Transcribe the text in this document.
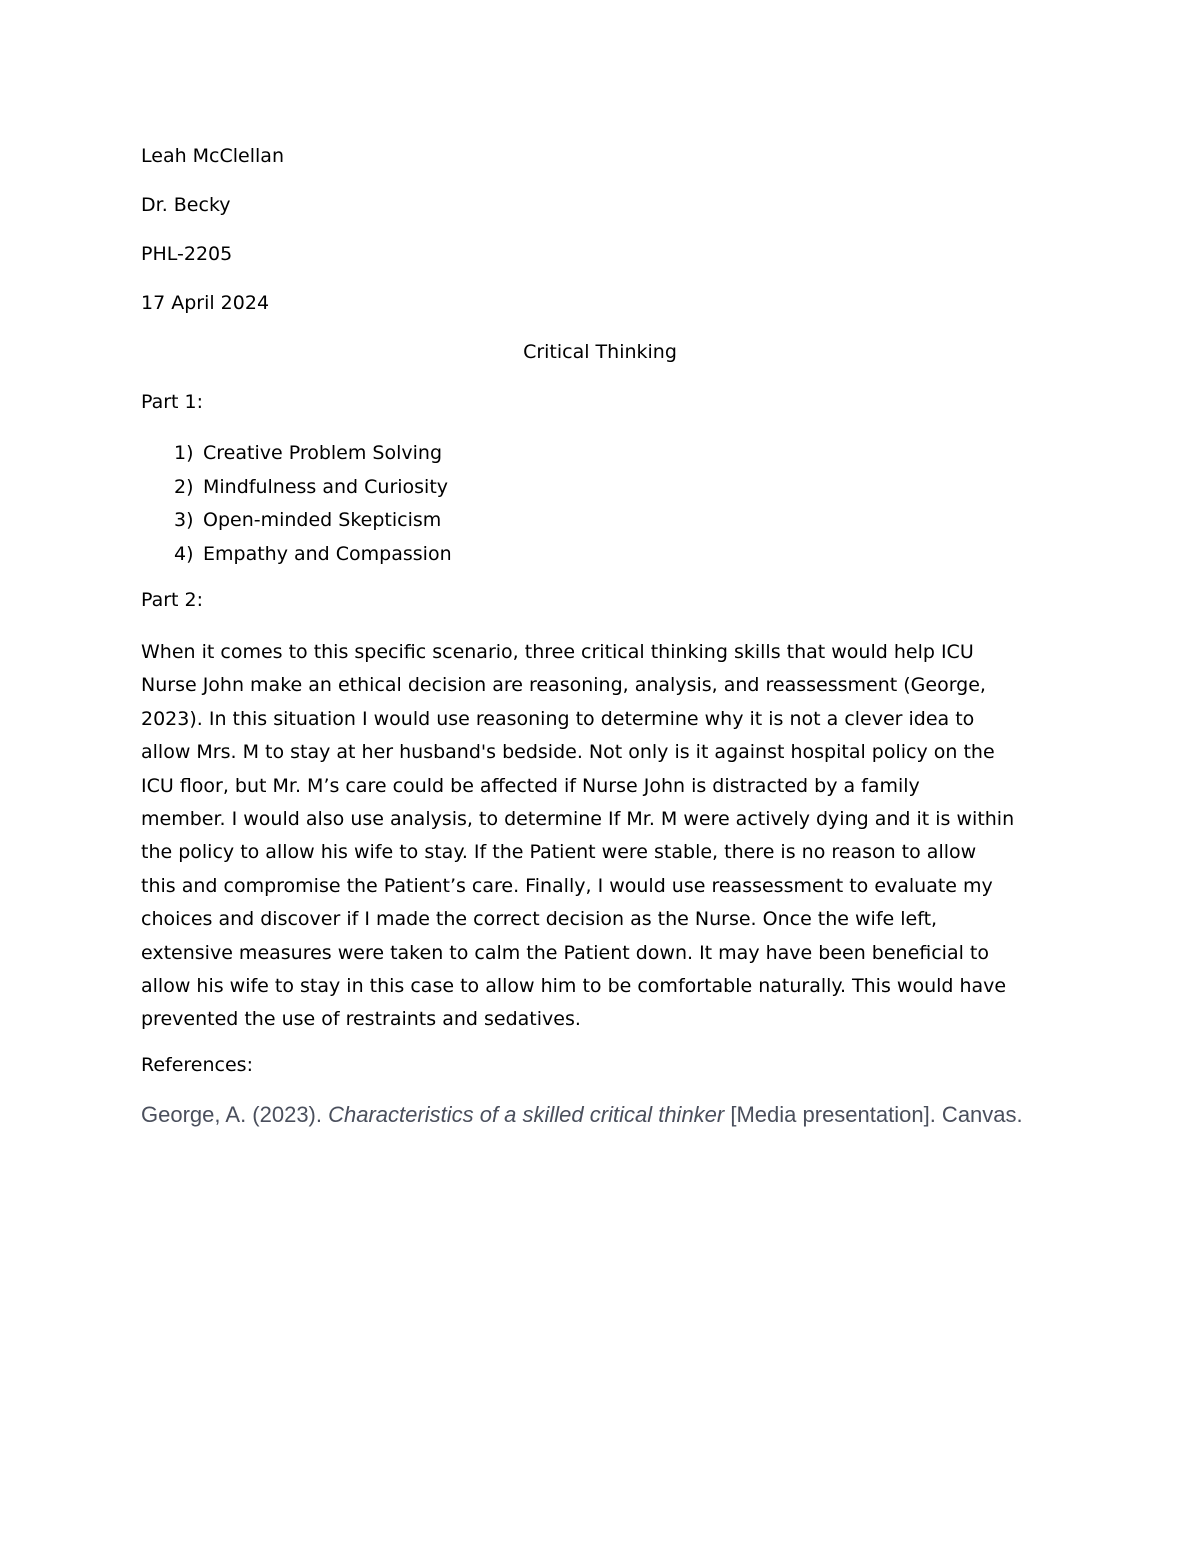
Leah McClellan

Dr. Becky

PHL-2205

17 April 2024

Critical Thinking

Part 1:

1) Creative Problem Solving
2) Mindfulness and Curiosity
3) Open-minded Skepticism
4) Empathy and Compassion

Part 2:

When it comes to this specific scenario, three critical thinking skills that would help ICU
Nurse John make an ethical decision are reasoning, analysis, and reassessment (George,
2023). In this situation I would use reasoning to determine why it is not a clever idea to
allow Mrs. M to stay at her husband's bedside. Not only is it against hospital policy on the
ICU floor, but Mr. M’s care could be affected if Nurse John is distracted by a family
member. I would also use analysis, to determine If Mr. M were actively dying and it is within
the policy to allow his wife to stay. If the Patient were stable, there is no reason to allow
this and compromise the Patient’s care. Finally, I would use reassessment to evaluate my
choices and discover if I made the correct decision as the Nurse. Once the wife left,
extensive measures were taken to calm the Patient down. It may have been beneficial to
allow his wife to stay in this case to allow him to be comfortable naturally. This would have
prevented the use of restraints and sedatives.

References:

George, A. (2023). Characteristics of a skilled critical thinker [Media presentation]. Canvas.
